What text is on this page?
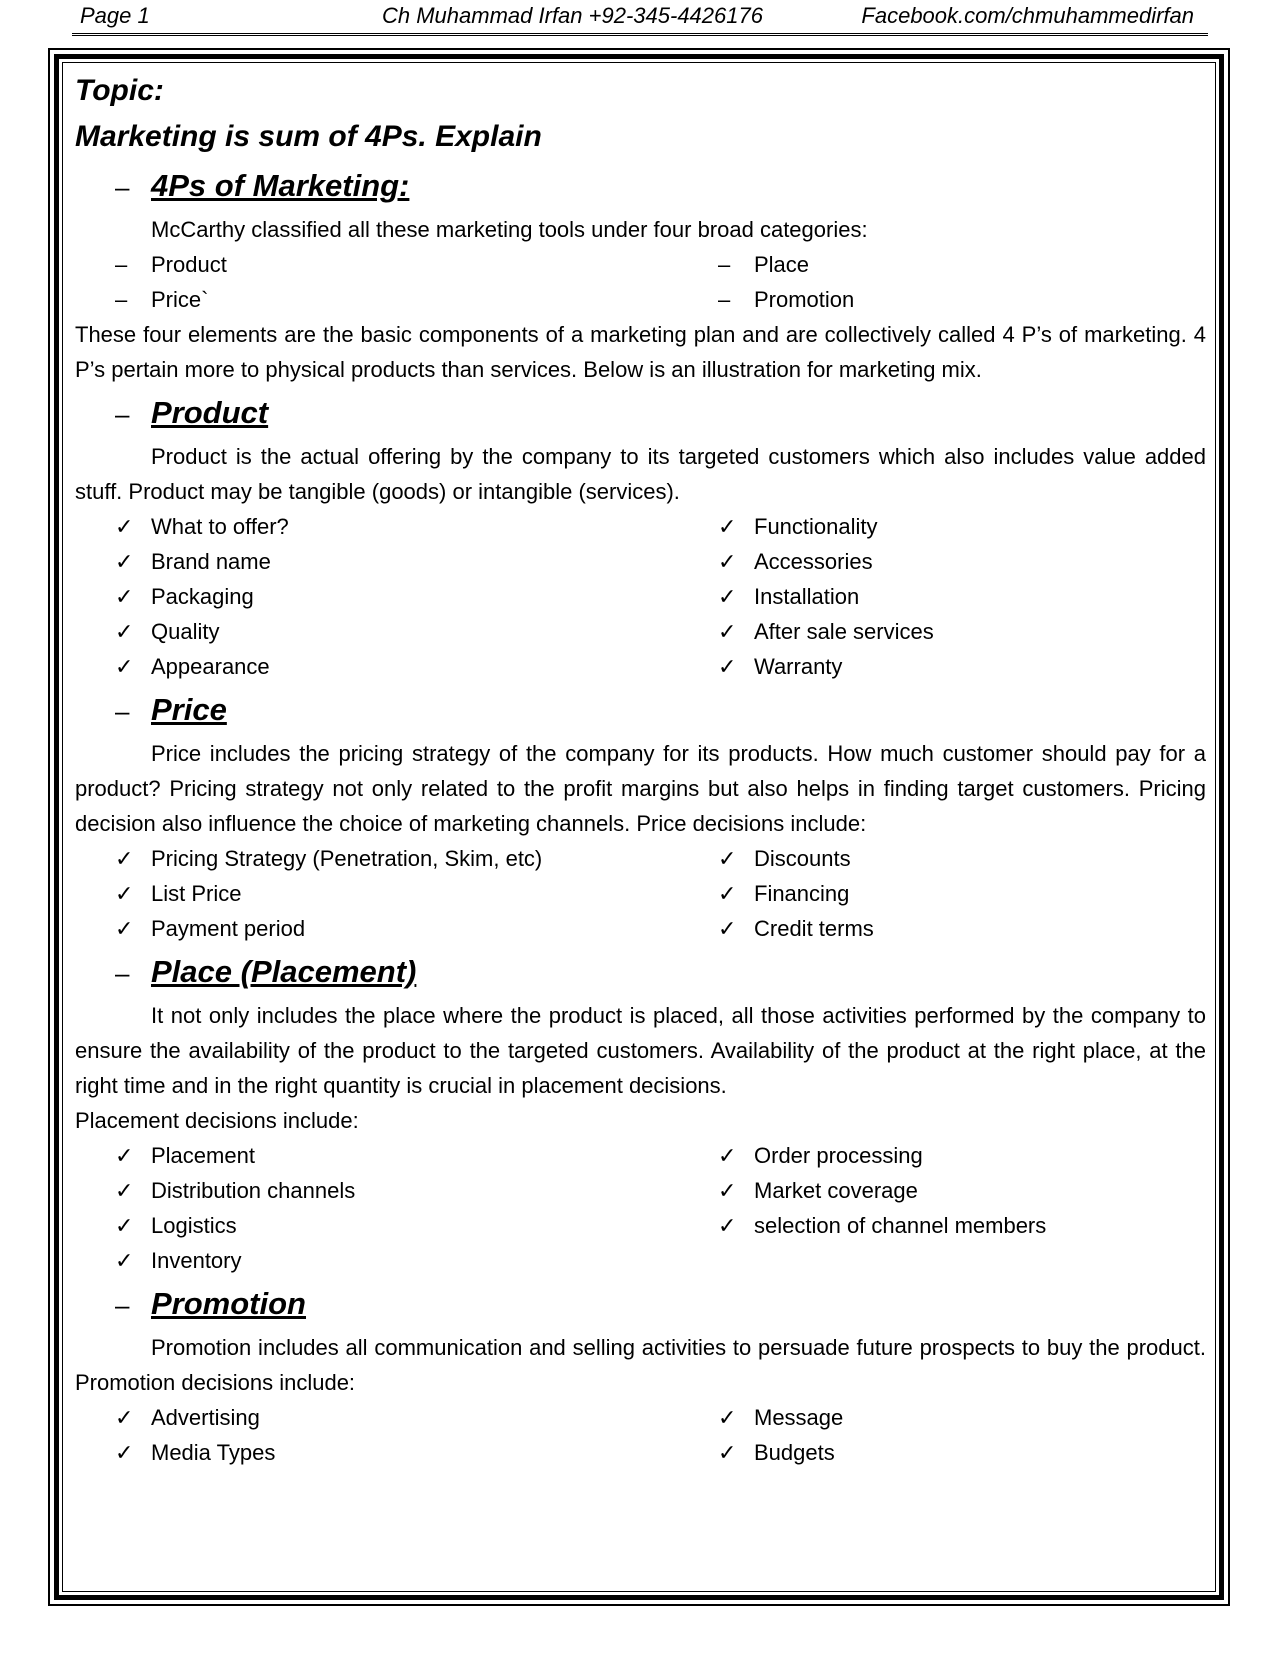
Page 1	Ch Muhammad Irfan +92-345-4426176	Facebook.com/chmuhammedirfan
Topic:
Marketing is sum of 4Ps. Explain
– 4Ps of Marketing:
McCarthy classified all these marketing tools under four broad categories:
–	Product	–	Place
–	Price`	–	Promotion
These four elements are the basic components of a marketing plan and are collectively called 4 P’s of marketing. 4 P’s pertain more to physical products than services. Below is an illustration for marketing mix.
– Product
Product is the actual offering by the company to its targeted customers which also includes value added stuff. Product may be tangible (goods) or intangible (services).
✓ What to offer?	✓ Functionality
✓ Brand name	✓ Accessories
✓ Packaging	✓ Installation
✓ Quality	✓ After sale services
✓ Appearance	✓ Warranty
– Price
Price includes the pricing strategy of the company for its products. How much customer should pay for a product? Pricing strategy not only related to the profit margins but also helps in finding target customers. Pricing decision also influence the choice of marketing channels. Price decisions include:
✓ Pricing Strategy (Penetration, Skim, etc)	✓ Discounts
✓ List Price	✓ Financing
✓ Payment period	✓ Credit terms
– Place (Placement)
It not only includes the place where the product is placed, all those activities performed by the company to ensure the availability of the product to the targeted customers. Availability of the product at the right place, at the right time and in the right quantity is crucial in placement decisions.
Placement decisions include:
✓ Placement	✓ Order processing
✓ Distribution channels	✓ Market coverage
✓ Logistics	✓ selection of channel members
✓ Inventory
– Promotion
Promotion includes all communication and selling activities to persuade future prospects to buy the product. Promotion decisions include:
✓ Advertising	✓ Message
✓ Media Types	✓ Budgets
